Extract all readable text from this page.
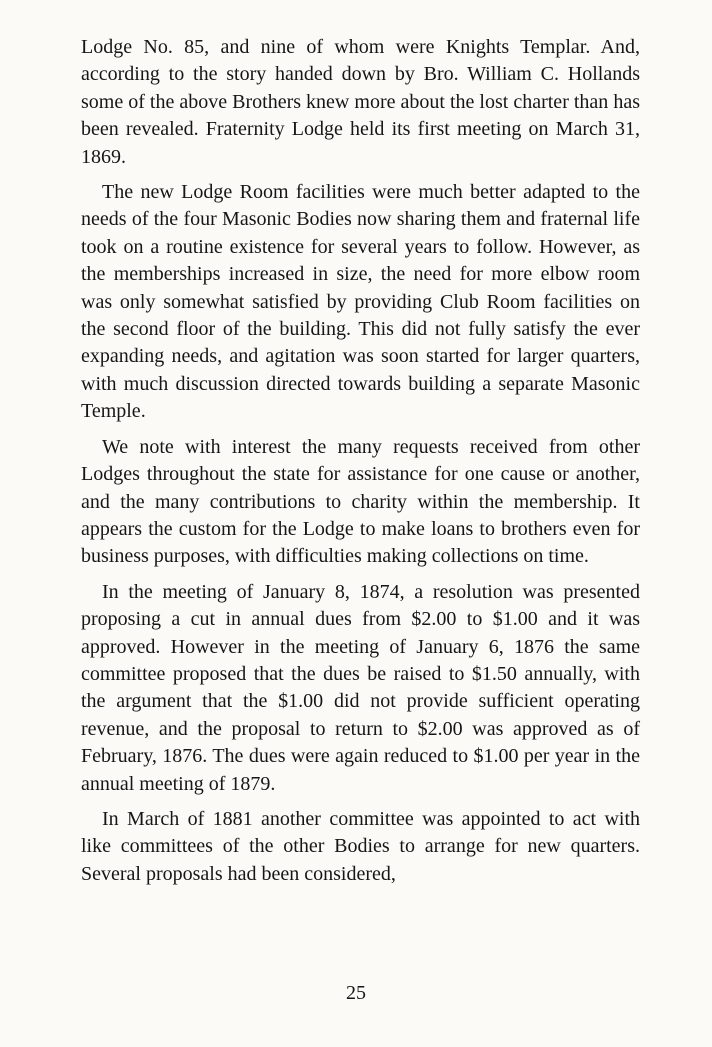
Lodge No. 85, and nine of whom were Knights Templar. And, according to the story handed down by Bro. William C. Hollands some of the above Brothers knew more about the lost charter than has been revealed. Fraternity Lodge held its first meeting on March 31, 1869.

The new Lodge Room facilities were much better adapted to the needs of the four Masonic Bodies now sharing them and fraternal life took on a routine existence for several years to follow. However, as the memberships increased in size, the need for more elbow room was only somewhat satisfied by providing Club Room facilities on the second floor of the building. This did not fully satisfy the ever expanding needs, and agitation was soon started for larger quarters, with much discussion directed towards building a separate Masonic Temple.

We note with interest the many requests received from other Lodges throughout the state for assistance for one cause or another, and the many contributions to charity within the membership. It appears the custom for the Lodge to make loans to brothers even for business purposes, with difficulties making collections on time.

In the meeting of January 8, 1874, a resolution was presented proposing a cut in annual dues from $2.00 to $1.00 and it was approved. However in the meeting of January 6, 1876 the same committee proposed that the dues be raised to $1.50 annually, with the argument that the $1.00 did not provide sufficient operating revenue, and the proposal to return to $2.00 was approved as of February, 1876. The dues were again reduced to $1.00 per year in the annual meeting of 1879.

In March of 1881 another committee was appointed to act with like committees of the other Bodies to arrange for new quarters. Several proposals had been considered,

25
